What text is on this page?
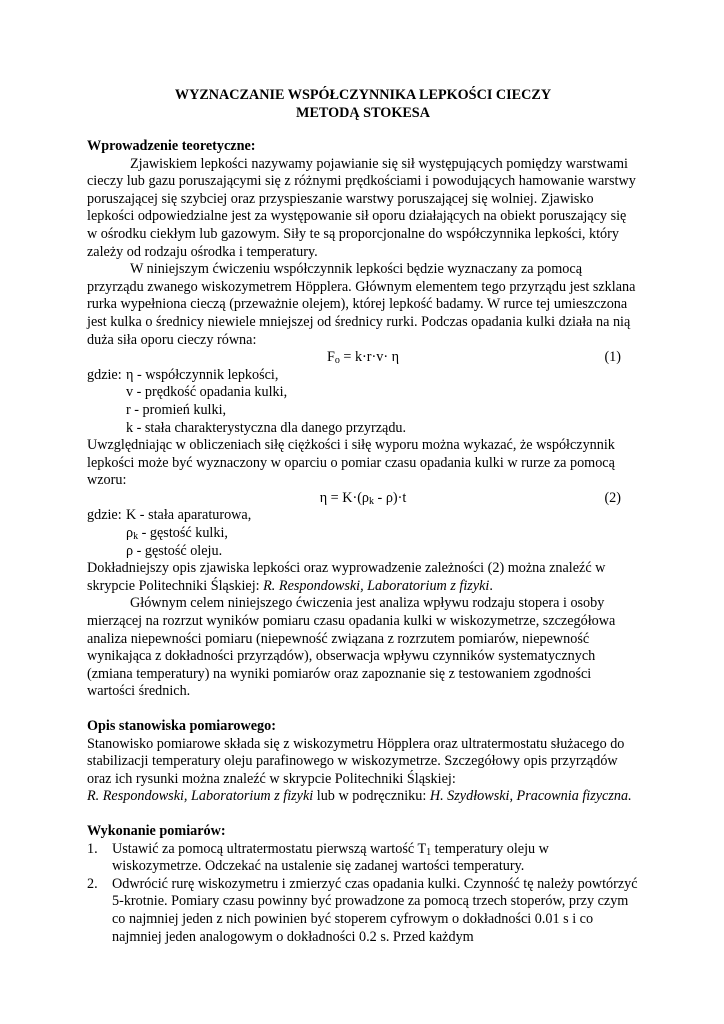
WYZNACZANIE WSPÓŁCZYNNIKA LEPKOŚCI CIECZY
METODĄ STOKESA
Wprowadzenie teoretyczne:

Zjawiskiem lepkości nazywamy pojawianie się sił występujących pomiędzy warstwami cieczy lub gazu poruszającymi się z różnymi prędkościami i powodujących hamowanie warstwy poruszającej się szybciej oraz przyspieszanie warstwy poruszającej się wolniej. Zjawisko lepkości odpowiedzialne jest za występowanie sił oporu działających na obiekt poruszający się w ośrodku ciekłym lub gazowym. Siły te są proporcjonalne do współczynnika lepkości, który zależy od rodzaju ośrodka i temperatury.

W niniejszym ćwiczeniu współczynnik lepkości będzie wyznaczany za pomocą przyrządu zwanego wiskozymetrem Höpplera. Głównym elementem tego przyrządu jest szklana rurka wypełniona cieczą (przeważnie olejem), której lepkość badamy. W rurce tej umieszczona jest kulka o średnicy niewiele mniejszej od średnicy rurki. Podczas opadania kulki działa na nią duża siła oporu cieczy równa:

$F_o = k\cdot r\cdot v\cdot \eta$	(1)
gdzie: η - współczynnik lepkości,
v - prędkość opadania kulki,
r - promień kulki,
k - stała charakterystyczna dla danego przyrządu.

Uwzględniając w obliczeniach siłę ciężkości i siłę wyporu można wykazać, że współczynnik lepkości może być wyznaczony w oparciu o pomiar czasu opadania kulki w rurze za pomocą wzoru:

$\eta = K\cdot(\rho_k - \rho)\cdot t$	(2)
gdzie: K - stała aparaturowa,
$\rho_k$ - gęstość kulki,
ρ - gęstość oleju.

Dokładniejszy opis zjawiska lepkości oraz wyprowadzenie zależności (2) można znaleźć w skrypcie Politechniki Śląskiej: R. Respondowski, Laboratorium z fizyki.

Głównym celem niniejszego ćwiczenia jest analiza wpływu rodzaju stopera i osoby mierzącej na rozrzut wyników pomiaru czasu opadania kulki w wiskozymetrze, szczegółowa analiza niepewności pomiaru (niepewność związana z rozrzutem pomiarów, niepewność wynikająca z dokładności przyrządów), obserwacja wpływu czynników systematycznych (zmiana temperatury) na wyniki pomiarów oraz zapoznanie się z testowaniem zgodności wartości średnich.

Opis stanowiska pomiarowego:

Stanowisko pomiarowe składa się z wiskozymetru Höpplera oraz ultratermostatu służacego do stabilizacji temperatury oleju parafinowego w wiskozymetrze. Szczegółowy opis przyrządów oraz ich rysunki można znaleźć w skrypcie Politechniki Śląskiej:
R. Respondowski, Laboratorium z fizyki lub w podręczniku: H. Szydłowski, Pracownia fizyczna.

Wykonanie pomiarów:
1. Ustawić za pomocą ultratermostatu pierwszą wartość $T_1$ temperatury oleju w wiskozymetrze. Odczekać na ustalenie się zadanej wartości temperatury.
2. Odwrócić rurę wiskozymetru i zmierzyć czas opadania kulki. Czynność tę należy powtórzyć 5-krotnie. Pomiary czasu powinny być prowadzone za pomocą trzech stoperów, przy czym co najmniej jeden z nich powinien być stoperem cyfrowym o dokładności 0.01 s i co najmniej jeden analogowym o dokładności 0.2 s. Przed każdym
